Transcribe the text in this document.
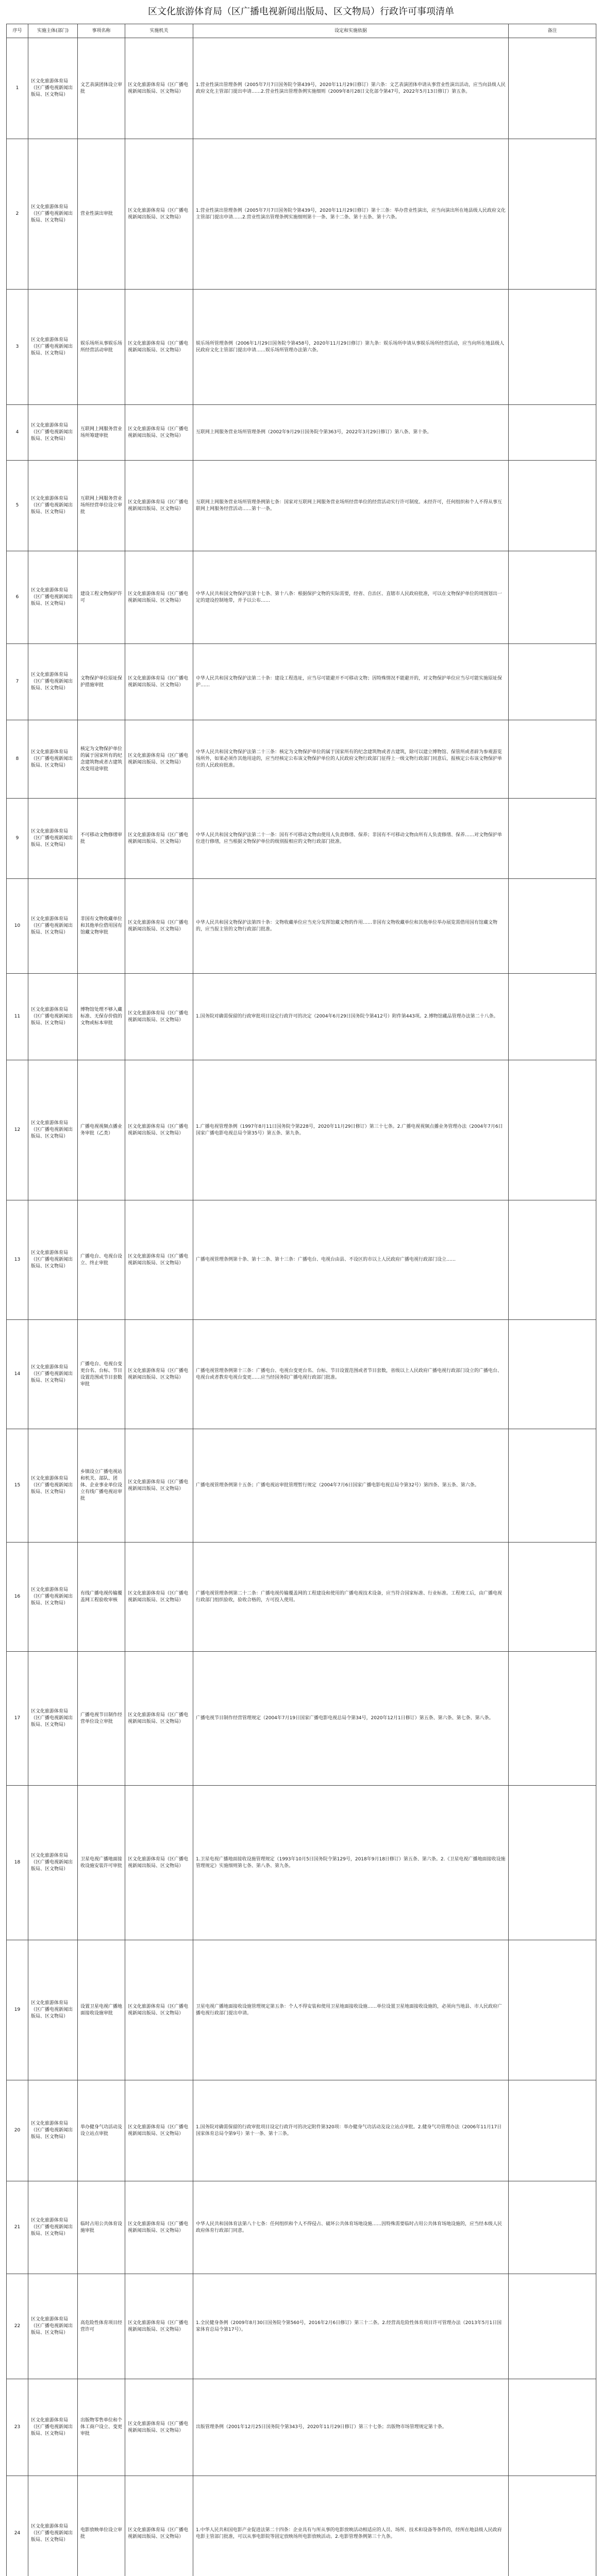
区文化旅游体育局（区广播电视新闻出版局、区文物局）行政许可事项清单
序号	实施主体(部门)	事项名称	实施机关	设定和实施依据	备注
1	区文化旅游体育局（区广播电视新闻出版局、区文物局）	文艺表演团体设立审批	区文化旅游体育局（区广播电视新闻出版局、区文物局）	1.营业性演出管理条例（2005年7月7日国务院令第439号，2020年11月29日修订）第六条：文艺表演团体申请从事营业性演出活动，应当向县级人民政府文化主管部门提出申请……2.营业性演出管理条例实施细则（2009年8月28日文化部令第47号，2022年5月13日修订）第五条。	
2	区文化旅游体育局（区广播电视新闻出版局、区文物局）	营业性演出审批	区文化旅游体育局（区广播电视新闻出版局、区文物局）	1.营业性演出管理条例（2005年7月7日国务院令第439号，2020年11月29日修订）第十三条：举办营业性演出，应当向演出所在地县级人民政府文化主管部门提出申请……2.营业性演出管理条例实施细则第十一条、第十二条、第十五条、第十六条。	
3	区文化旅游体育局（区广播电视新闻出版局、区文物局）	娱乐场所从事娱乐场所经营活动审批	区文化旅游体育局（区广播电视新闻出版局、区文物局）	娱乐场所管理条例（2006年1月29日国务院令第458号，2020年11月29日修订）第九条：娱乐场所申请从事娱乐场所经营活动，应当向所在地县级人民政府文化主管部门提出申请……娱乐场所管理办法第六条。	
4	区文化旅游体育局（区广播电视新闻出版局、区文物局）	互联网上网服务营业场所筹建审批	区文化旅游体育局（区广播电视新闻出版局、区文物局）	互联网上网服务营业场所管理条例（2002年9月29日国务院令第363号，2022年3月29日修订）第八条、第十条。	
5	区文化旅游体育局（区广播电视新闻出版局、区文物局）	互联网上网服务营业场所经营单位设立审批	区文化旅游体育局（区广播电视新闻出版局、区文物局）	互联网上网服务营业场所管理条例第七条：国家对互联网上网服务营业场所经营单位的经营活动实行许可制度。未经许可，任何组织和个人不得从事互联网上网服务经营活动……第十一条。	
6	区文化旅游体育局（区广播电视新闻出版局、区文物局）	建设工程文物保护许可	区文化旅游体育局（区广播电视新闻出版局、区文物局）	中华人民共和国文物保护法第十七条、第十八条：根据保护文物的实际需要，经省、自治区、直辖市人民政府批准，可以在文物保护单位的周围划出一定的建设控制地带，并予以公布……	
7	区文化旅游体育局（区广播电视新闻出版局、区文物局）	文物保护单位原址保护措施审批	区文化旅游体育局（区广播电视新闻出版局、区文物局）	中华人民共和国文物保护法第二十条：建设工程选址，应当尽可能避开不可移动文物；因特殊情况不能避开的，对文物保护单位应当尽可能实施原址保护……	
8	区文化旅游体育局（区广播电视新闻出版局、区文物局）	核定为文物保护单位的属于国家所有的纪念建筑物或者古建筑改变用途审批	区文化旅游体育局（区广播电视新闻出版局、区文物局）	中华人民共和国文物保护法第二十三条：核定为文物保护单位的属于国家所有的纪念建筑物或者古建筑，除可以建立博物馆、保管所或者辟为参观游览场所外，如果必须作其他用途的，应当经核定公布该文物保护单位的人民政府文物行政部门征得上一级文物行政部门同意后，报核定公布该文物保护单位的人民政府批准。	
9	区文化旅游体育局（区广播电视新闻出版局、区文物局）	不可移动文物修缮审批	区文化旅游体育局（区广播电视新闻出版局、区文物局）	中华人民共和国文物保护法第二十一条：国有不可移动文物由使用人负责修缮、保养；非国有不可移动文物由所有人负责修缮、保养……对文物保护单位进行修缮，应当根据文物保护单位的级别报相应的文物行政部门批准。	
10	区文化旅游体育局（区广播电视新闻出版局、区文物局）	非国有文物收藏单位和其他单位借用国有馆藏文物审批	区文化旅游体育局（区广播电视新闻出版局、区文物局）	中华人民共和国文物保护法第四十条：文物收藏单位应当充分发挥馆藏文物的作用……非国有文物收藏单位和其他单位举办展览需借用国有馆藏文物的，应当报主管的文物行政部门批准。	
11	区文化旅游体育局（区广播电视新闻出版局、区文物局）	博物馆处理不够入藏标准、无保存价值的文物或标本审批	区文化旅游体育局（区广播电视新闻出版局、区文物局）	1.国务院对确需保留的行政审批项目设定行政许可的决定（2004年6月29日国务院令第412号）附件第443项。2.博物馆藏品管理办法第二十八条。	
12	区文化旅游体育局（区广播电视新闻出版局、区文物局）	广播电视视频点播业务审批（乙类）	区文化旅游体育局（区广播电视新闻出版局、区文物局）	1.广播电视管理条例（1997年8月11日国务院令第228号，2020年11月29日修订）第三十七条。2.广播电视视频点播业务管理办法（2004年7月6日国家广播电影电视总局令第35号）第五条、第九条。	
13	区文化旅游体育局（区广播电视新闻出版局、区文物局）	广播电台、电视台设立、终止审批	区文化旅游体育局（区广播电视新闻出版局、区文物局）	广播电视管理条例第十条、第十二条、第十三条：广播电台、电视台由县、不设区的市以上人民政府广播电视行政部门设立……	
14	区文化旅游体育局（区广播电视新闻出版局、区文物局）	广播电台、电视台变更台名、台标、节目设置范围或节目套数审批	区文化旅游体育局（区广播电视新闻出版局、区文物局）	广播电视管理条例第十三条：广播电台、电视台变更台名、台标、节目设置范围或者节目套数，省级以上人民政府广播电视行政部门设立的广播电台、电视台或者教育电视台变更……应当经国务院广播电视行政部门批准。	
15	区文化旅游体育局（区广播电视新闻出版局、区文物局）	乡镇设立广播电视站和机关、部队、团体、企业事业单位设立有线广播电视站审批	区文化旅游体育局（区广播电视新闻出版局、区文物局）	广播电视管理条例第十五条；广播电视站审批管理暂行规定（2004年7月6日国家广播电影电视总局令第32号）第四条、第五条、第六条。	
16	区文化旅游体育局（区广播电视新闻出版局、区文物局）	有线广播电视传输覆盖网工程验收审核	区文化旅游体育局（区广播电视新闻出版局、区文物局）	广播电视管理条例第二十二条：广播电视传输覆盖网的工程建设和使用的广播电视技术设备，应当符合国家标准、行业标准。工程竣工后，由广播电视行政部门组织验收，验收合格的，方可投入使用。	
17	区文化旅游体育局（区广播电视新闻出版局、区文物局）	广播电视节目制作经营单位设立审批	区文化旅游体育局（区广播电视新闻出版局、区文物局）	广播电视节目制作经营管理规定（2004年7月19日国家广播电影电视总局令第34号，2020年12月1日修订）第五条、第六条、第七条、第八条。	
18	区文化旅游体育局（区广播电视新闻出版局、区文物局）	卫星电视广播地面接收设施安装许可审批	区文化旅游体育局（区广播电视新闻出版局、区文物局）	1.卫星电视广播地面接收设施管理规定（1993年10月5日国务院令第129号，2018年9月18日修订）第五条、第六条。2.《卫星电视广播地面接收设施管理规定》实施细则第七条、第八条、第九条。	
19	区文化旅游体育局（区广播电视新闻出版局、区文物局）	设置卫星电视广播地面接收设施审批	区文化旅游体育局（区广播电视新闻出版局、区文物局）	卫星电视广播地面接收设施管理规定第五条：个人不得安装和使用卫星地面接收设施……单位设置卫星地面接收设施的，必须向当地县、市人民政府广播电视行政部门提出申请。	
20	区文化旅游体育局（区广播电视新闻出版局、区文物局）	举办健身气功活动及设立站点审批	区文化旅游体育局（区广播电视新闻出版局、区文物局）	1.国务院对确需保留的行政审批项目设定行政许可的决定附件第320项：举办健身气功活动及设立站点审批。2.健身气功管理办法（2006年11月17日国家体育总局令第9号）第十一条、第十三条。	
21	区文化旅游体育局（区广播电视新闻出版局、区文物局）	临时占用公共体育设施审批	区文化旅游体育局（区广播电视新闻出版局、区文物局）	中华人民共和国体育法第八十七条：任何组织和个人不得侵占、破坏公共体育场地设施……因特殊需要临时占用公共体育场地设施的，应当经本级人民政府体育行政部门同意。	
22	区文化旅游体育局（区广播电视新闻出版局、区文物局）	高危险性体育项目经营许可	区文化旅游体育局（区广播电视新闻出版局、区文物局）	1.全民健身条例（2009年8月30日国务院令第560号，2016年2月6日修订）第三十二条。2.经营高危险性体育项目许可管理办法（2013年5月1日国家体育总局令第17号）。	
23	区文化旅游体育局（区广播电视新闻出版局、区文物局）	出版物零售单位和个体工商户设立、变更审批	区文化旅游体育局（区广播电视新闻出版局、区文物局）	出版管理条例（2001年12月25日国务院令第343号，2020年11月29日修订）第三十七条；出版物市场管理规定第十条。	
24	区文化旅游体育局（区广播电视新闻出版局、区文物局）	电影放映单位设立审批	区文化旅游体育局（区广播电视新闻出版局、区文物局）	1.中华人民共和国电影产业促进法第二十四条：企业具有与所从事的电影放映活动相适应的人员、场所、技术和设备等条件的，经所在地县级人民政府电影主管部门批准，可以从事电影院等固定放映场所电影放映活动。2.电影管理条例第三十九条。	
